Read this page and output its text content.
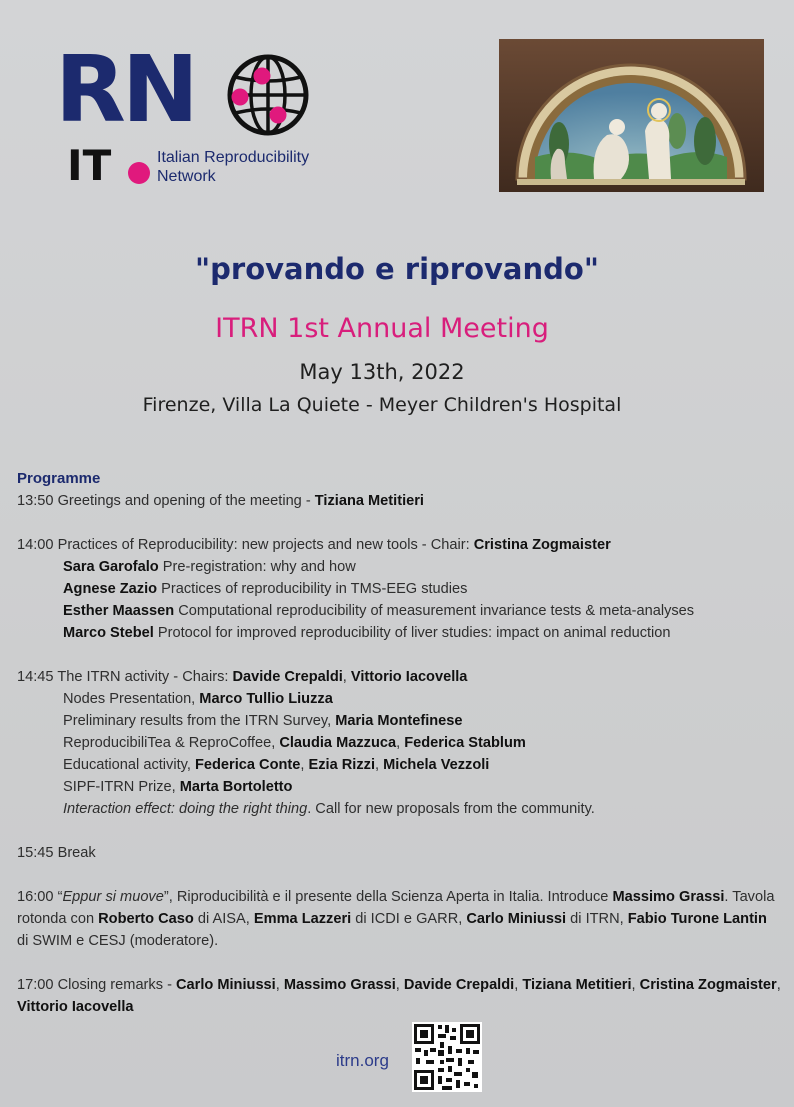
RN
IT	Italian Reproducibility
Network
"provando e riprovando"
ITRN 1st Annual Meeting
May 13th, 2022
Firenze, Villa La Quiete - Meyer Children's Hospital
Programme
13:50 Greetings and opening of the meeting - Tiziana Metitieri
14:00 Practices of Reproducibility: new projects and new tools - Chair: Cristina Zogmaister
Sara Garofalo Pre-registration: why and how
Agnese Zazio Practices of reproducibility in TMS-EEG studies
Esther Maassen Computational reproducibility of measurement invariance tests & meta-analyses
Marco Stebel Protocol for improved reproducibility of liver studies: impact on animal reduction
14:45 The ITRN activity - Chairs: Davide Crepaldi, Vittorio Iacovella
Nodes Presentation, Marco Tullio Liuzza
Preliminary results from the ITRN Survey, Maria Montefinese
ReproducibiliTea & ReproCoffee, Claudia Mazzuca, Federica Stablum
Educational activity, Federica Conte, Ezia Rizzi, Michela Vezzoli
SIPF-ITRN Prize, Marta Bortoletto
Interaction effect: doing the right thing. Call for new proposals from the community.
15:45 Break
16:00 “Eppur si muove”, Riproducibilità e il presente della Scienza Aperta in Italia. Introduce Massimo Grassi. Tavola rotonda con Roberto Caso di AISA, Emma Lazzeri di ICDI e GARR, Carlo Miniussi di ITRN, Fabio Turone Lantin di SWIM e CESJ (moderatore).
17:00 Closing remarks - Carlo Miniussi, Massimo Grassi, Davide Crepaldi, Tiziana Metitieri, Cristina Zogmaister, Vittorio Iacovella
itrn.org
